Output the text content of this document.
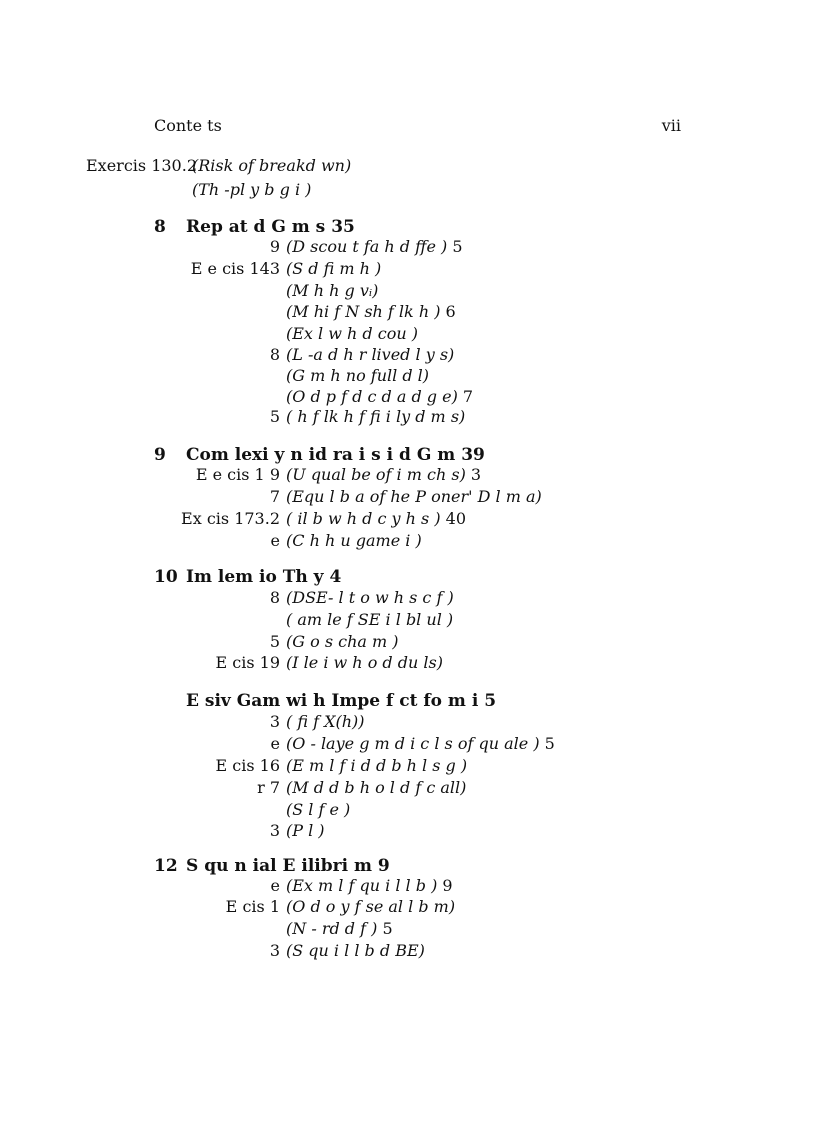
Conte ts	vii
Exercis 130.2(Risk of breakd wn)
(Th -pl y b g i )
8 Rep at d G m s 35
9 (D scou t fa h d ffe ) 5
E e cis 143 (S d fi m h )
(M h h g vᵢ)
(M hi f N sh f lk h ) 6
(Ex l w h d cou )
8 (L -a d h r lived l y s)
(G m h no full d l)
(O d p f d c d a d g e) 7
5 ( h f lk h f fi i ly d m s)
9 Com lexi y n id ra i s i d G m 39
E e cis 1 9 (U qual be of i m ch s) 3
7 (Equ l b a of he P oner' D l m a)
Ex cis 173.2 ( il b w h d c y h s ) 40
e (C h h u game i )
10 Im lem io Th y 4
8 (DSE- l t o w h s c f )
( am le f SE i l bl ul )
5 (G o s cha m )
E cis 19 (I le i w h o d du ls)
E siv Gam wi h Impe f ct fo m i 5
3 ( fi f X(h))
e (O - laye g m d i c l s of qu ale ) 5
E cis 16 (E m l f i d d b h l s g )
r 7 (M d d b h o l d f c all)
(S l f e )
3 (P l )
12 S qu n ial E ilibri m 9
e (Ex m l f qu i l l b ) 9
E cis 1 (O d o y f se al l b m)
(N - rd d f ) 5
3 (S qu i l l b d BE)
